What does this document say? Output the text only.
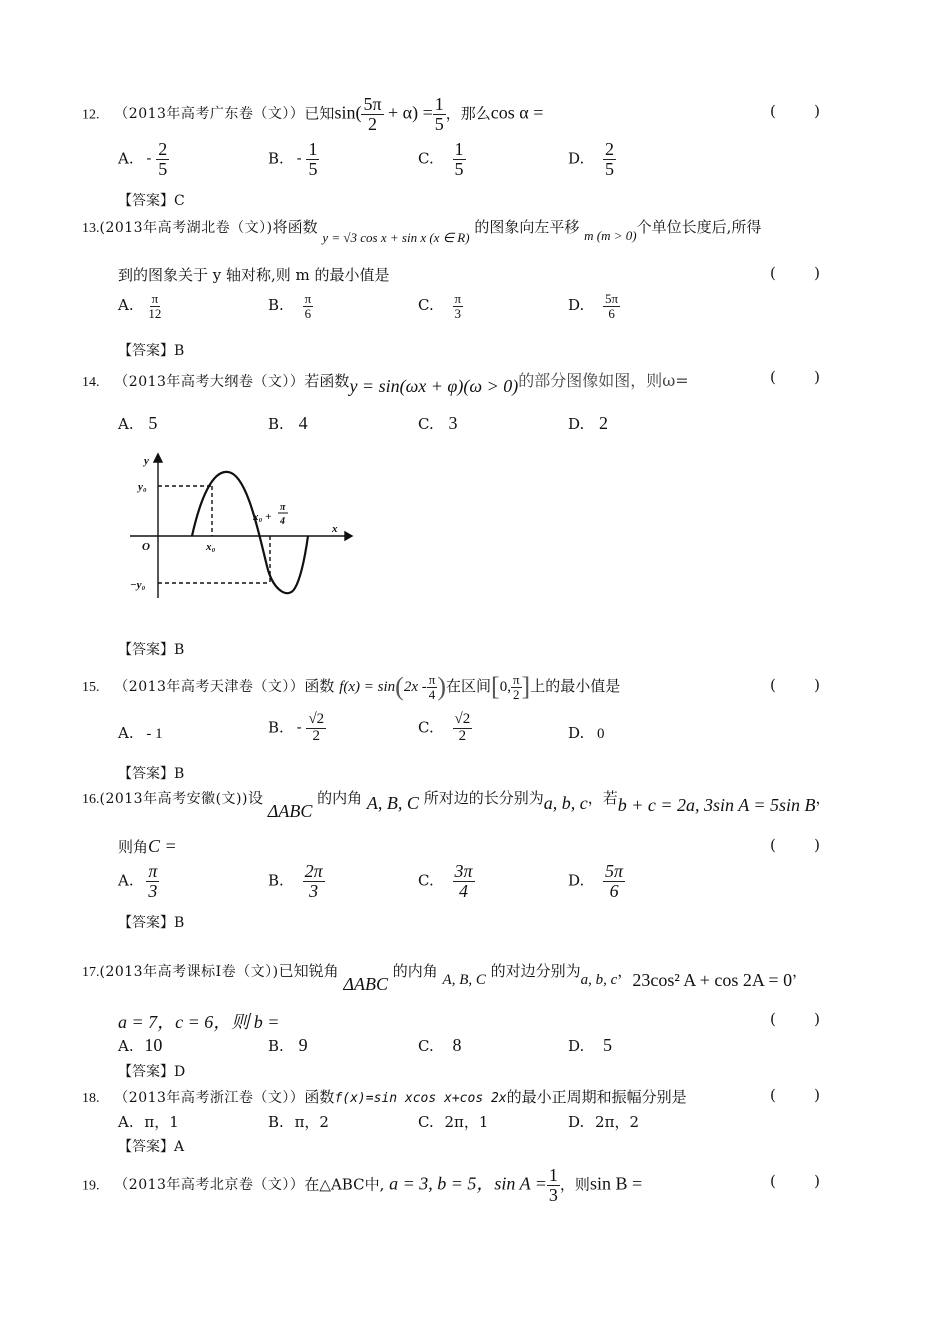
12. （2013年高考广东卷（文））已知$\sin( \frac{5\pi}{2} + \alpha) = \frac{1}{5}$ ，那么cos α =	(	)
A. - $\frac{2}{5}$	B. - $\frac{1}{5}$	C. $\frac{1}{5}$	D. $\frac{2}{5}$
【答案】C
13.(2013年高考湖北卷（文）)将函数 y = √3 cos x + sin x (x ∈ R) 的图象向左平移 m (m > 0)个单位长度后,所得
到的图象关于 y 轴对称,则 m 的最小值是	(	)
A. $\frac{\pi}{12}$	B. $\frac{\pi}{6}$	C. $\frac{\pi}{3}$	D. $\frac{5\pi}{6}$
【答案】B
14. （2013年高考大纲卷（文））若函数y = sin(ωx + φ)(ω > 0)的部分图像如图，则ω=	(	)
A. 5	B. 4	C. 3	D. 2
y
x
O
y₀
−y₀
x₀
x₀ +
π
4
【答案】B
15. （2013年高考天津卷（文））函数 $f(x) = \sin(2x - \frac{\pi}{4}$ )在区间[0, $\frac{\pi}{2}$ ]上的最小值是	(	)
A. - 1	B. - $\frac{√2}{2}$	C. $\frac{√2}{2}$	D. 0
【答案】B
16.(2013年高考安徽(文))设 ΔABC 的内角 A, B, C 所对边的长分别为a, b, c，若b + c = 2a, 3sin A = 5sin B，
则角C =	(	)
A. $\frac{\pi}{3}$	B. $\frac{2\pi}{3}$	C. $\frac{3\pi}{4}$	D. $\frac{5\pi}{6}$
【答案】B
17.(2013年高考课标Ⅰ卷（文）)已知锐角 ΔABC 的内角 A, B, C 的对边分别为a, b, c，23cos² A + cos 2A = 0，
a = 7，c = 6，则 b =	(	)
A. 10	B. 9	C. 8	D. 5
【答案】D
18. （2013年高考浙江卷（文））函数f(x)=sin xcos x+cos 2x的最小正周期和振幅分别是	(	)
A. π，1	B. π，2	C. 2π，1	D. 2π，2
【答案】A
19. （2013年高考北京卷（文））在△ABC中, a = 3, b = 5，$\sin A = \frac{1}{3}$ ，则sin B =	(	)
